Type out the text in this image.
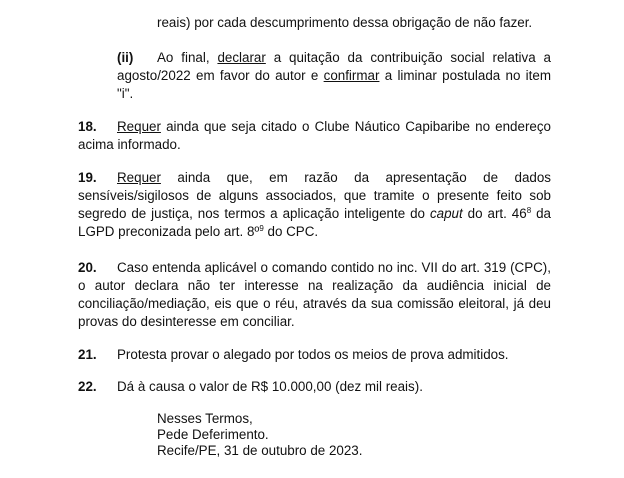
reais) por cada descumprimento dessa obrigação de não fazer.
(ii) Ao final, declarar a quitação da contribuição social relativa a
agosto/2022 em favor do autor e confirmar a liminar postulada no item
"i".
18. Requer ainda que seja citado o Clube Náutico Capibaribe no endereço
acima informado.
19. Requer ainda que, em razão da apresentação de dados
sensíveis/sigilosos de alguns associados, que tramite o presente feito sob
segredo de justiça, nos termos a aplicação inteligente do caput do art. $46^8$ da
LGPD preconizada pelo art. 8º$^9$ do CPC.
20. Caso entenda aplicável o comando contido no inc. VII do art. 319 (CPC),
o autor declara não ter interesse na realização da audiência inicial de
conciliação/mediação, eis que o réu, através da sua comissão eleitoral, já deu
provas do desinteresse em conciliar.
21. Protesta provar o alegado por todos os meios de prova admitidos.
22. Dá à causa o valor de R$ 10.000,00 (dez mil reais).
Nesses Termos,
Pede Deferimento.
Recife/PE, 31 de outubro de 2023.
